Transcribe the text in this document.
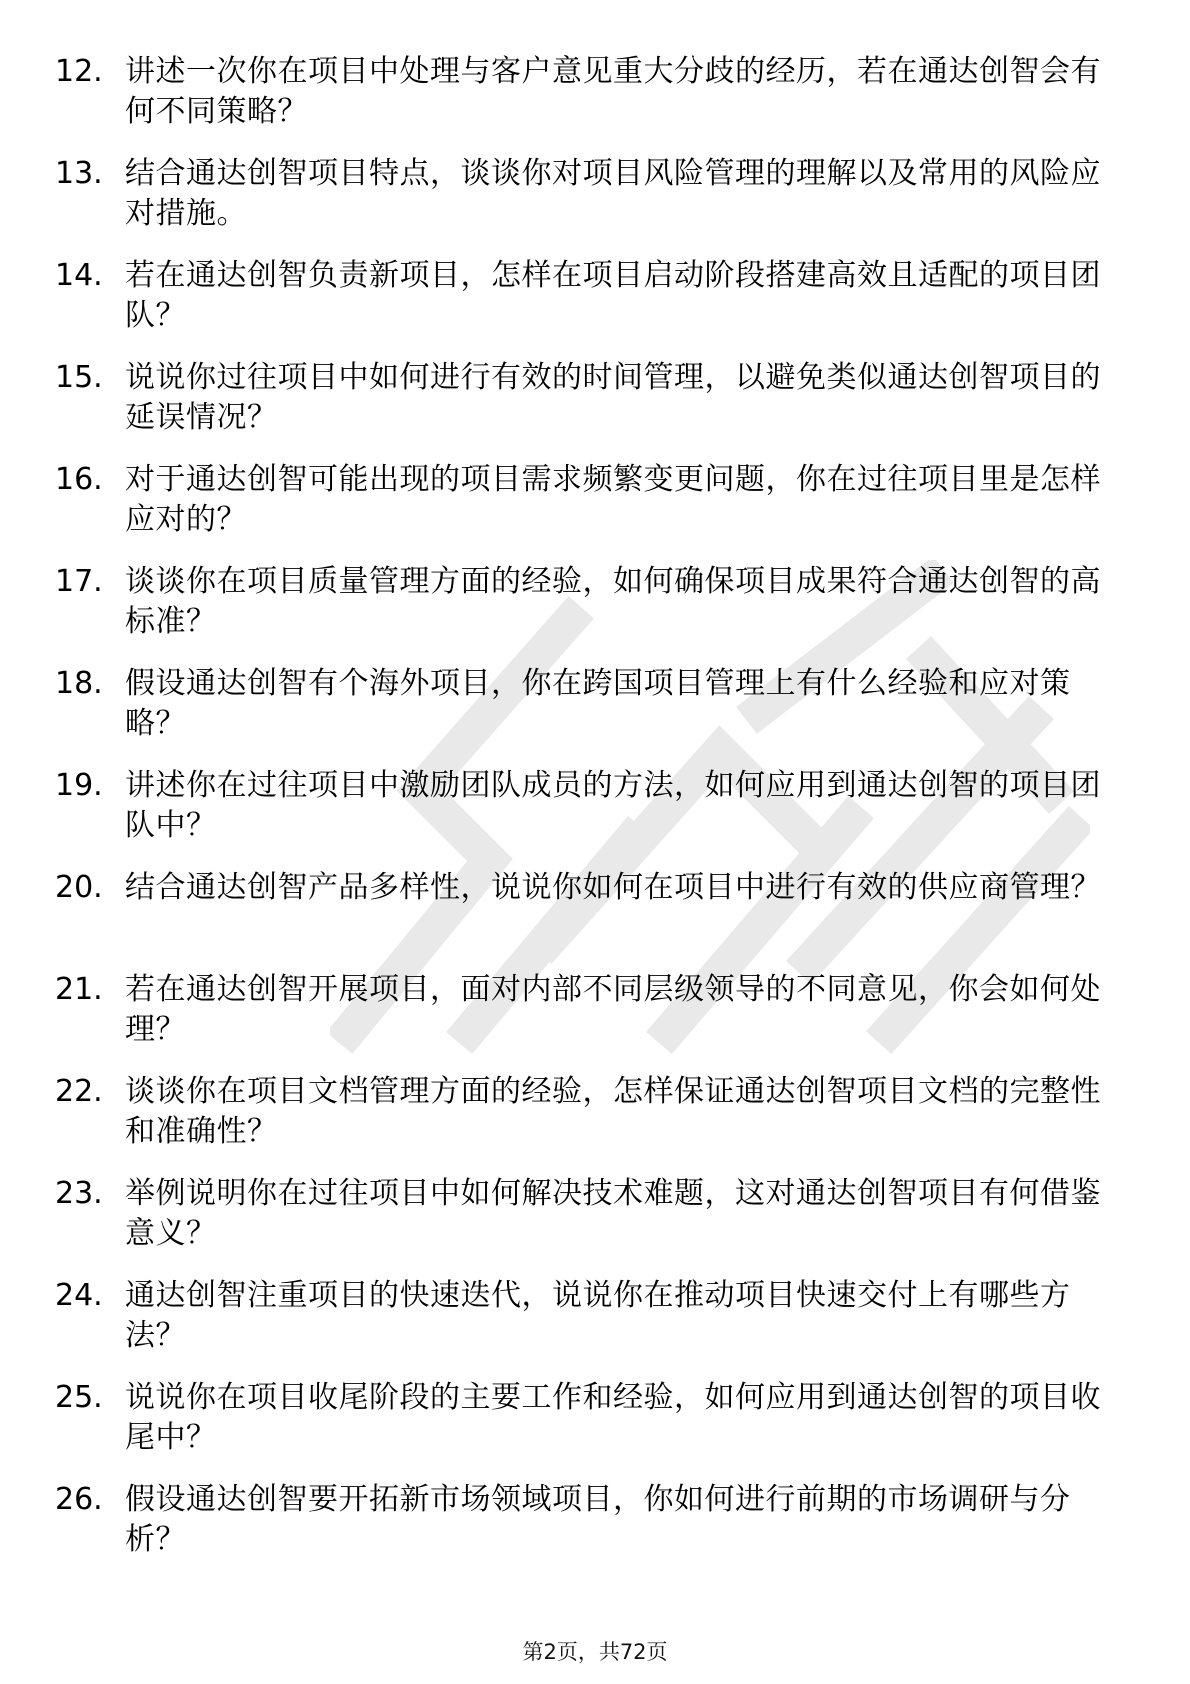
12. 讲述一次你在项目中处理与客户意见重大分歧的经历，若在通达创智会有何不同策略？
13. 结合通达创智项目特点，谈谈你对项目风险管理的理解以及常用的风险应对措施。
14. 若在通达创智负责新项目，怎样在项目启动阶段搭建高效且适配的项目团队？
15. 说说你过往项目中如何进行有效的时间管理，以避免类似通达创智项目的延误情况？
16. 对于通达创智可能出现的项目需求频繁变更问题，你在过往项目里是怎样应对的？
17. 谈谈你在项目质量管理方面的经验，如何确保项目成果符合通达创智的高标准？
18. 假设通达创智有个海外项目，你在跨国项目管理上有什么经验和应对策略？
19. 讲述你在过往项目中激励团队成员的方法，如何应用到通达创智的项目团队中？
20. 结合通达创智产品多样性，说说你如何在项目中进行有效的供应商管理？
21. 若在通达创智开展项目，面对内部不同层级领导的不同意见，你会如何处理？
22. 谈谈你在项目文档管理方面的经验，怎样保证通达创智项目文档的完整性和准确性？
23. 举例说明你在过往项目中如何解决技术难题，这对通达创智项目有何借鉴意义？
24. 通达创智注重项目的快速迭代，说说你在推动项目快速交付上有哪些方法？
25. 说说你在项目收尾阶段的主要工作和经验，如何应用到通达创智的项目收尾中？
26. 假设通达创智要开拓新市场领域项目，你如何进行前期的市场调研与分析？
第2页，共72页
